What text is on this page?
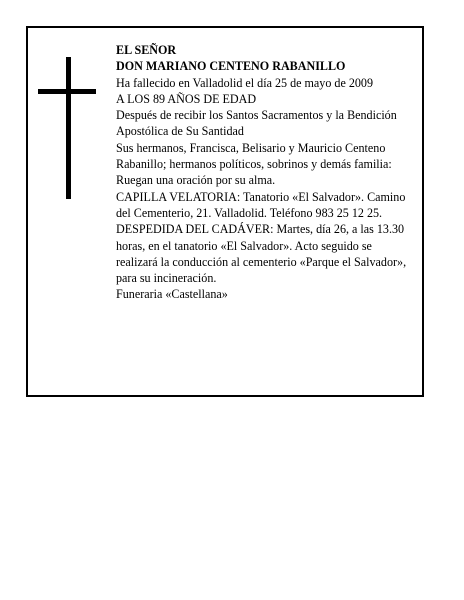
EL SEÑOR

DON MARIANO CENTENO RABANILLO

Ha fallecido en Valladolid el día 25 de mayo de 2009

A LOS 89 AÑOS DE EDAD

Después de recibir los Santos Sacramentos y la Bendición Apostólica de Su Santidad

Sus hermanos, Francisca, Belisario y Mauricio Centeno Rabanillo; hermanos políticos, sobrinos y demás familia:

Ruegan una oración por su alma.

CAPILLA VELATORIA: Tanatorio «El Salvador». Camino del Cementerio, 21. Valladolid. Teléfono 983 25 12 25.

DESPEDIDA DEL CADÁVER: Martes, día 26, a las 13.30 horas, en el tanatorio «El Salvador». Acto seguido se realizará la conducción al cementerio «Parque el Salvador», para su incineración.

Funeraria «Castellana»
